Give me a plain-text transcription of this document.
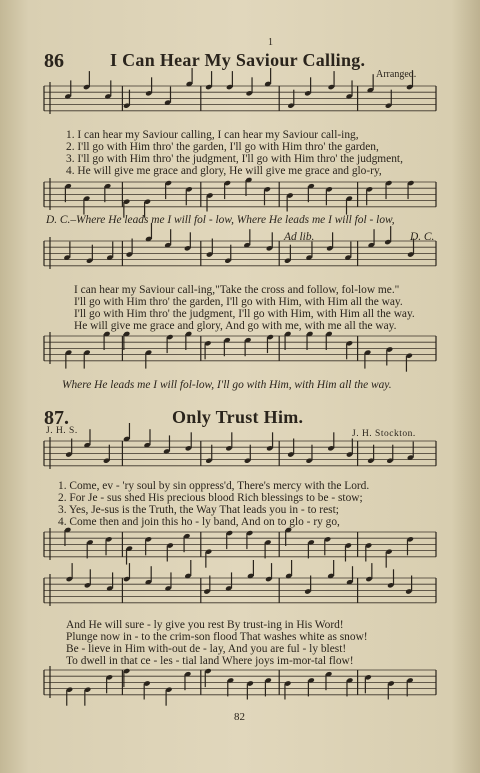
1
86	I Can Hear My Saviour Calling.
Arranged.
1. I can hear my Saviour calling, I can hear my Saviour call-ing,
2. I'll go with Him thro' the garden, I'll go with Him thro' the garden,
3. I'll go with Him thro' the judgment, I'll go with Him thro' the judgment,
4. He will give me grace and glory, He will give me grace and glo-ry,
D. C.–Where He leads me I will fol - low, Where He leads me I will fol - low,
Ad lib.	D. C.
I can hear my Saviour call-ing,"Take the cross and follow, fol-low me."
I'll go with Him thro' the garden, I'll go with Him, with Him all the way.
I'll go with Him thro' the judgment, I'll go with Him, with Him all the way.
He will give me grace and glory, And go with me, with me all the way.
Where He leads me I will fol-low, I'll go with Him, with Him all the way.
87.	Only Trust Him.
J. H. S.	J. H. Stockton.
1. Come, ev - 'ry soul by sin oppress'd, There's mercy with the Lord.
2. For Je - sus shed His precious blood Rich blessings to be - stow;
3. Yes, Je-sus is the Truth, the Way That leads you in - to rest;
4. Come then and join this ho - ly band, And on to glo - ry go,
And He will sure - ly give you rest By trust-ing in His Word!
Plunge now in - to the crim-son flood That washes white as snow!
Be - lieve in Him with-out de - lay, And you are ful - ly blest!
To dwell in that ce - les - tial land Where joys im-mor-tal flow!
82
